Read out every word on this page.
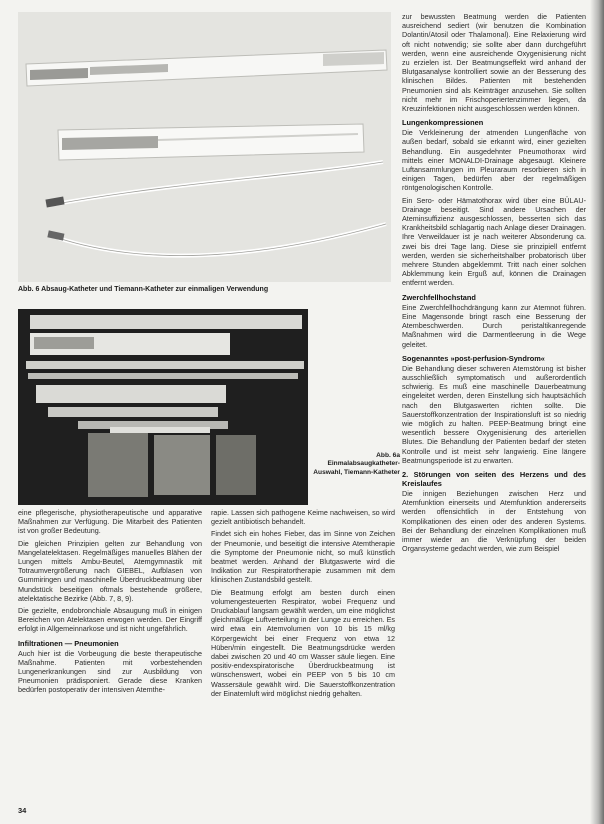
Abb. 6 Absaug-Katheter und Tiemann-Katheter zur einmaligen Verwendung
Abb. 6a Einmalabsaugkatheter-Auswahl, Tiemann-Katheter

zur bewussten Beatmung werden die Patienten ausreichend sediert (wir benutzen die Kombination Dolantin/Atosil oder Thalamonal). Eine Relaxierung wird oft nicht notwendig; sie sollte aber dann durchgeführt werden, wenn eine ausreichende Oxygenisierung nicht zu erzielen ist. Der Beatmungseffekt wird anhand der Blutgasanalyse kontrolliert sowie an der Besserung des klinischen Bildes. Patienten mit bestehenden Pneumonien sind als Keimträger anzusehen. Sie sollten nicht mehr im Frischoperiertenzimmer liegen, da Kreuzinfektionen nicht ausgeschlossen werden können.

Lungenkompressionen

Die Verkleinerung der atmenden Lungenfläche von außen bedarf, sobald sie erkannt wird, einer gezielten Behandlung. Ein ausgedehnter Pneumothorax wird mittels einer MONALDI-Drainage abgesaugt. Kleinere Luftansammlungen im Pleuraraum resorbieren sich in einigen Tagen, bedürfen aber der regelmäßigen röntgenologischen Kontrolle.

Ein Sero- oder Hämatothorax wird über eine BÜLAU-Drainage beseitigt. Sind andere Ursachen der Ateminsuffizienz ausgeschlossen, besserten sich das Krankheitsbild schlagartig nach Anlage dieser Drainagen. Ihre Verweildauer ist je nach weiterer Absonderung ca. zwei bis drei Tage lang. Diese sie prinzipiell entfernt werden, werden sie sicherheitshalber probatorisch über mehrere Stunden abgeklemmt. Tritt nach einer solchen Abklemmung kein Erguß auf, können die Drainagen entfernt werden.

Zwerchfellhochstand

Eine Zwerchfellhochdrängung kann zur Atemnot führen. Eine Magensonde bringt rasch eine Besserung der Atembeschwerden. Durch peristaltikanregende Maßnahmen wird die Darmentleerung in die Wege geleitet.

Sogenanntes »post-perfusion-Syndrom«

Die Behandlung dieser schweren Atemstörung ist bisher ausschließlich symptomatisch und außerordentlich schwierig. Es muß eine maschinelle Dauerbeatmung eingeleitet werden, deren Einstellung sich hauptsächlich nach den Blutgaswerten richten sollte. Die Sauerstoffkonzentration der Inspirationsluft ist so niedrig wie möglich zu halten. PEEP-Beatmung bringt eine wesentlich bessere Oxygenisierung des arteriellen Blutes. Die Behandlung der Patienten bedarf der steten Kontrolle und ist meist sehr langwierig. Eine längere Beatmungsperiode ist zu erwarten.

2. Störungen von seiten des Herzens und des Kreislaufes

Die innigen Beziehungen zwischen Herz und Atemfunktion einerseits und Atemfunktion andererseits werden offensichtlich in der Entstehung von Komplikationen des einen oder des anderen Systems. Bei der Behandlung der einzelnen Komplikationen muß immer wieder an die Verknüpfung der beiden Organsysteme gedacht werden, wie zum Beispiel

eine pflegerische, physiotherapeutische und apparative Maßnahmen zur Verfügung. Die Mitarbeit des Patienten ist von großer Bedeutung.

Die gleichen Prinzipien gelten zur Behandlung von Mangelatelektasen. Regelmäßiges manuelles Blähen der Lungen mittels Ambu-Beutel, Atemgymnastik mit Totraumvergrößerung nach GIEBEL, Aufblasen von Gummiringen und maschinelle Überdruckbeatmung über Mundstück beseitigen oftmals bestehende größere, atelektatische Bezirke (Abb. 7, 8, 9).

Die gezielte, endobronchiale Absaugung muß in einigen Bereichen von Atelektasen erwogen werden. Der Eingriff erfolgt in Allgemeinnarkose und ist nicht ungefährlich.

Infiltrationen — Pneumonien

Auch hier ist die Vorbeugung die beste therapeutische Maßnahme. Patienten mit vorbestehenden Lungenerkrankungen sind zur Ausbildung von Pneumonien prädisponiert. Gerade diese Kranken bedürfen postoperativ der intensiven Atemthe-

rapie. Lassen sich pathogene Keime nachweisen, so wird gezielt antibiotisch behandelt.

Findet sich ein hohes Fieber, das im Sinne von Zeichen der Pneumonie, und beseitigt die intensive Atemtherapie die Symptome der Pneumonie nicht, so muß künstlich beatmet werden. Anhand der Blutgaswerte wird die Indikation zur Respiratortherapie zusammen mit dem klinischen Zustandsbild gestellt.

Die Beatmung erfolgt am besten durch einen volumengesteuerten Respirator, wobei Frequenz und Druckablauf langsam gewählt werden, um eine möglichst gleichmäßige Luftverteilung in der Lunge zu erreichen. Es wird etwa ein Atemvolumen von 10 bis 15 ml/kg Körpergewicht bei einer Frequenz von etwa 12 Hüben/min eingestellt. Die Beatmungsdrücke werden dabei zwischen 20 und 40 cm Wasser säule liegen. Eine positiv-endexspiratorische Überdruckbeatmung ist wünschenswert, wobei ein PEEP von 5 bis 10 cm Wassersäule gewählt wird. Die Sauerstoffkonzentration der Einatemluft wird möglichst niedrig gehalten.

34
